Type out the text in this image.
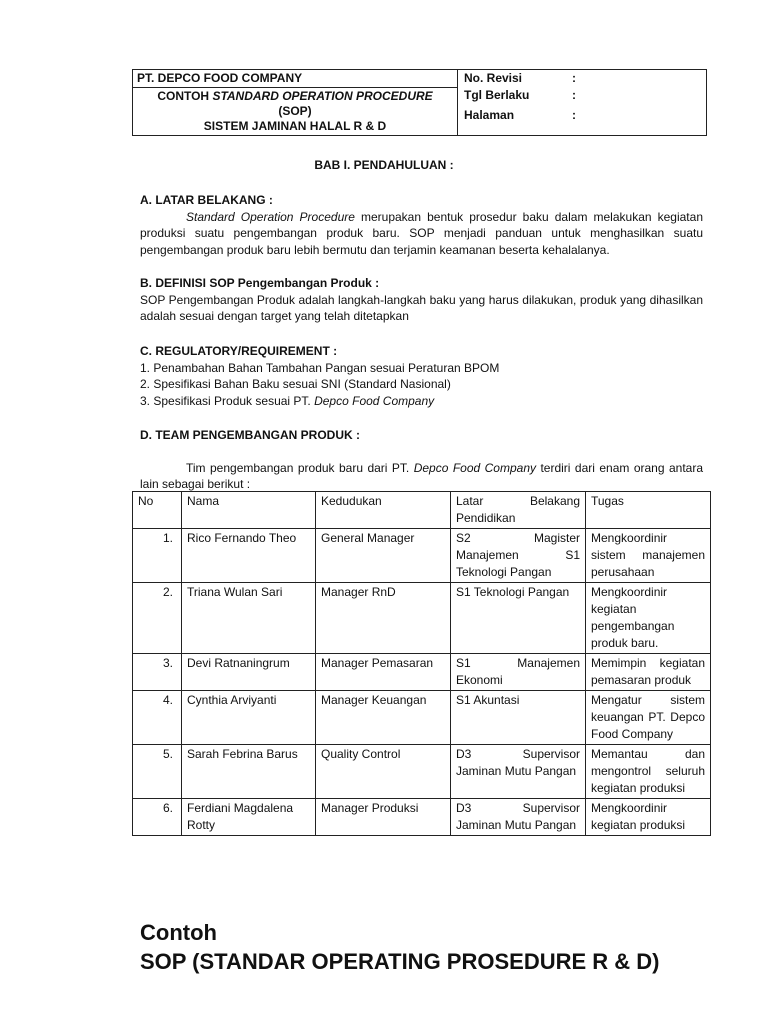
PT. DEPCO FOOD COMPANY	No. Revisi	:
Tgl Berlaku	:
Halaman	:

CONTOH STANDARD OPERATION PROCEDURE
(SOP)
SISTEM JAMINAN HALAL R & D
BAB I. PENDAHULUAN :
A. LATAR BELAKANG :

Standard Operation Procedure merupakan bentuk prosedur baku dalam melakukan kegiatan produksi suatu pengembangan produk baru. SOP menjadi panduan untuk menghasilkan suatu pengembangan produk baru lebih bermutu dan terjamin keamanan beserta kehalalanya.

B. DEFINISI SOP Pengembangan Produk :

SOP Pengembangan Produk adalah langkah-langkah baku yang harus dilakukan, produk yang dihasilkan adalah sesuai dengan target yang telah ditetapkan

C. REGULATORY/REQUIREMENT :
1. Penambahan Bahan Tambahan Pangan sesuai Peraturan BPOM
2. Spesifikasi Bahan Baku sesuai SNI (Standard Nasional)
3. Spesifikasi Produk sesuai PT. Depco Food Company
D. TEAM PENGEMBANGAN PRODUK :

Tim pengembangan produk baru dari PT. Depco Food Company terdiri dari enam orang antara lain sebagai berikut :

No	Nama	Kedudukan	Latar Belakang Pendidikan	Tugas
1.	Rico Fernando Theo	General Manager	S2 Magister Manajemen S1 Teknologi Pangan	Mengkoordinir sistem manajemen perusahaan
2.	Triana Wulan Sari	Manager RnD	S1 Teknologi Pangan	Mengkoordinir kegiatan pengembangan produk baru.
3.	Devi Ratnaningrum	Manager Pemasaran	S1 Manajemen Ekonomi	Memimpin kegiatan pemasaran produk
4.	Cynthia Arviyanti	Manager Keuangan	S1 Akuntasi	Mengatur sistem keuangan PT. Depco Food Company
5.	Sarah Febrina Barus	Quality Control	D3 Supervisor Jaminan Mutu Pangan	Memantau dan mengontrol seluruh kegiatan produksi
6.	Ferdiani Magdalena Rotty	Manager Produksi	D3 Supervisor Jaminan Mutu Pangan	Mengkoordinir kegiatan produksi
Contoh
SOP (STANDAR OPERATING PROSEDURE R & D)
